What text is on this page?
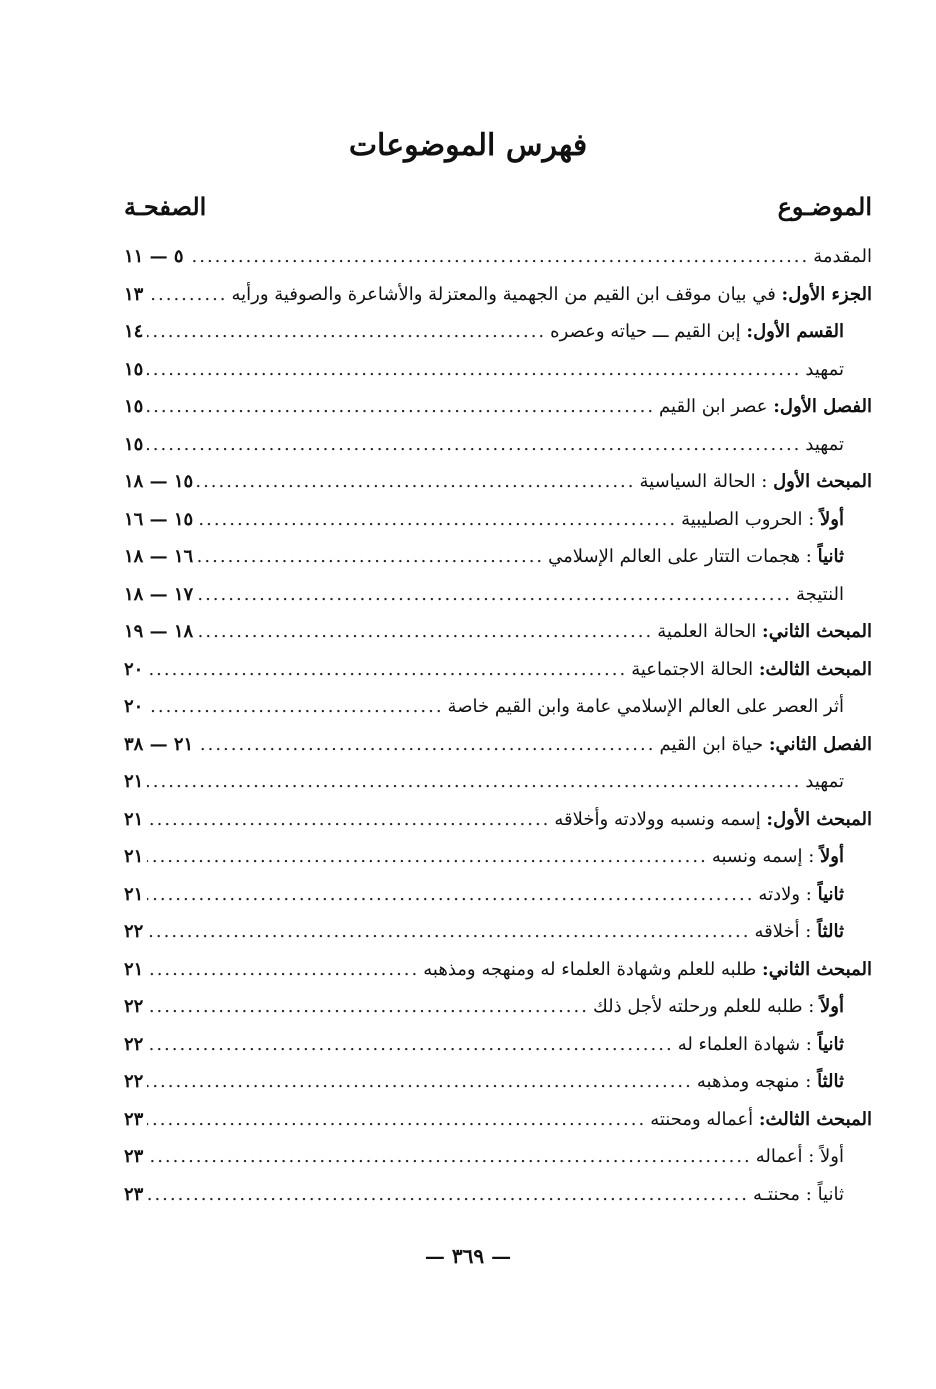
فهرس الموضوعات
الموضـوع
الصفحـة
المقدمة
.....
٥ — ١١
الجزء الأول: في بيان موقف ابن القيم من الجهمية والمعتزلة والأشاعرة والصوفية ورأيه
.....
١٣
القسم الأول: إبن القيم ـــ حياته وعصره
.....
١٤
تمهيد
.....
١٥
الفصل الأول: عصر ابن القيم
.....
١٥
تمهيد
.....
١٥
المبحث الأول : الحالة السياسية
.....
١٥ — ١٨
أولاً : الحروب الصليبية
.....
١٥ — ١٦
ثانياً : هجمات التتار على العالم الإسلامي
.....
١٦ — ١٨
النتيجة
.....
١٧ — ١٨
المبحث الثاني: الحالة العلمية
.....
١٨ — ١٩
المبحث الثالث: الحالة الاجتماعية
.....
٢٠
أثر العصر على العالم الإسلامي عامة وابن القيم خاصة
.....
٢٠
الفصل الثاني: حياة ابن القيم
.....
٢١ — ٣٨
تمهيد
.....
٢١
المبحث الأول: إسمه ونسبه وولادته وأخلاقه
.....
٢١
أولاً : إسمه ونسبه
.....
٢١
ثانياً : ولادته
.....
٢١
ثالثاً : أخلاقه
.....
٢٢
المبحث الثاني: طلبه للعلم وشهادة العلماء له ومنهجه ومذهبه
.....
٢١
أولاً : طلبه للعلم ورحلته لأجل ذلك
.....
٢٢
ثانياً : شهادة العلماء له
.....
٢٢
ثالثاً : منهجه ومذهبه
.....
٢٢
المبحث الثالث: أعماله ومحنته
.....
٢٣
أولاً : أعماله
.....
٢٣
ثانياً : محنتـه
.....
٢٣
— ٣٦٩ —
